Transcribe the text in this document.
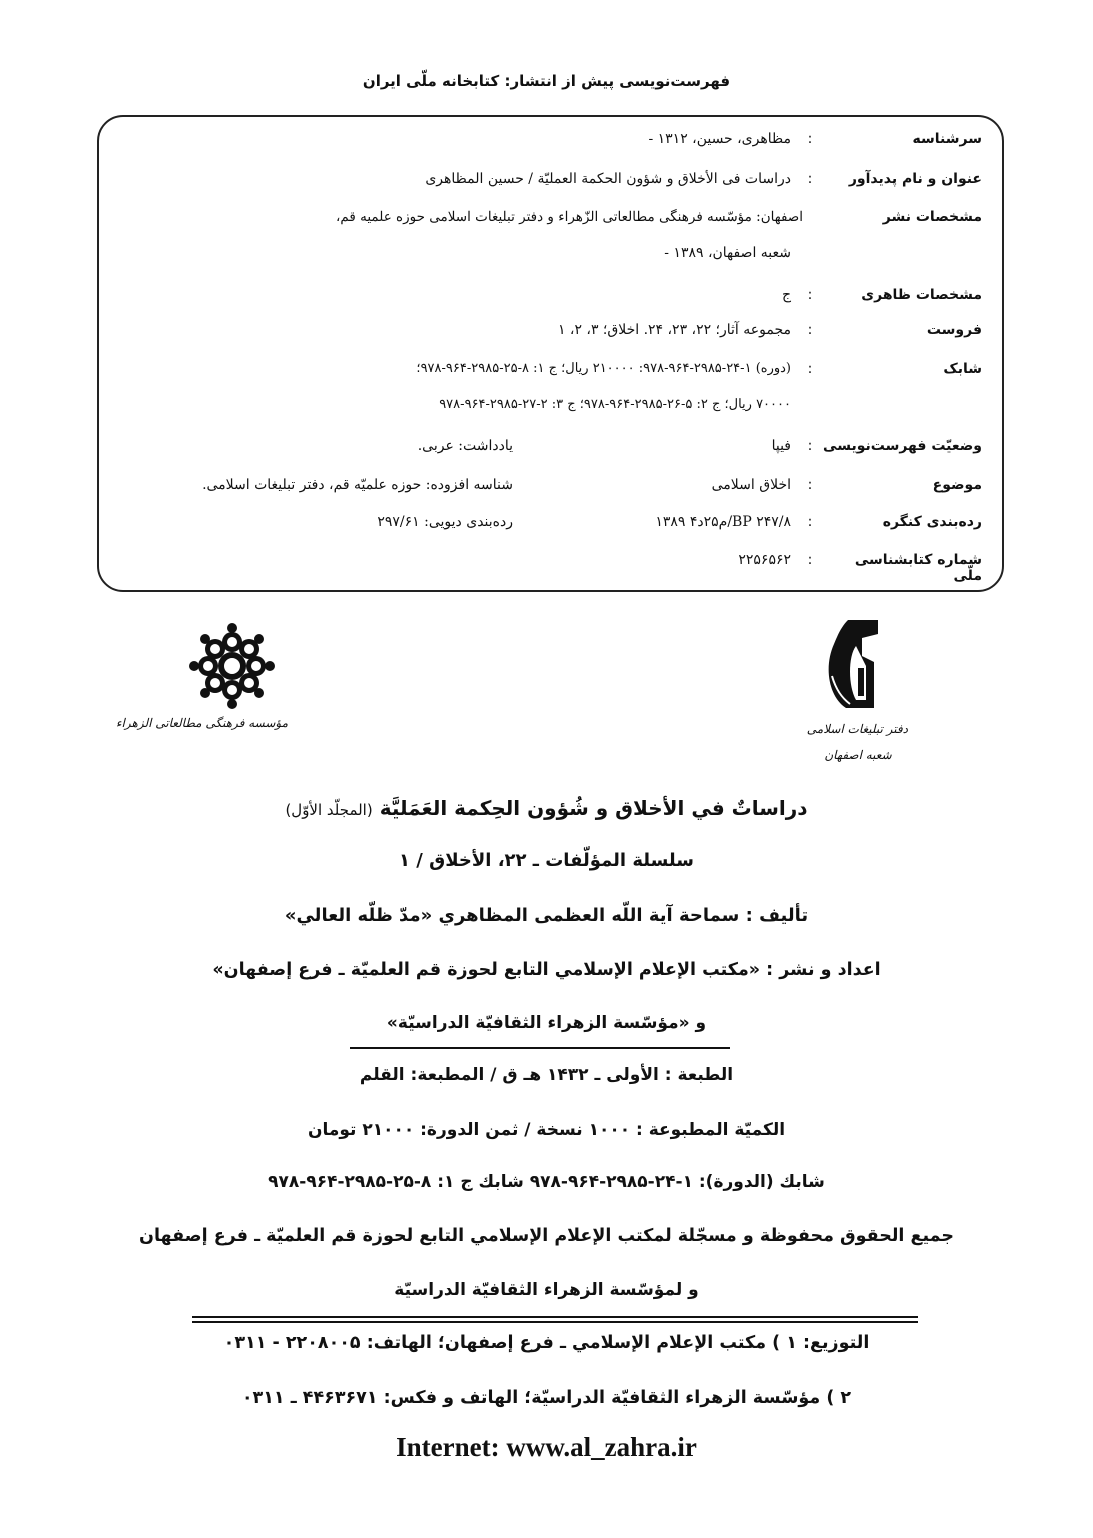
فهرست‌نویسی پیش از انتشار: کتابخانه ملّی ایران
سرشناسه
:
مظاهری، حسین، ۱۳۱۲ -
عنوان و نام پدیدآور
:
دراسات فی الأخلاق و شؤون الحکمة العملیّة / حسین المظاهری
مشخصات نشر
اصفهان: مؤسّسه فرهنگی مطالعاتی الزّهراء و دفتر تبلیغات اسلامی حوزه علمیه قم،
شعبه اصفهان، ۱۳۸۹ -
مشخصات ظاهری
:
ج
فروست
:
مجموعه آثار؛ ۲۲، ۲۳، ۲۴. اخلاق؛ ۳، ۲، ۱
شابک
:
(دوره) ۱-۲۴-۲۹۸۵-۹۶۴-۹۷۸: ۲۱۰۰۰۰ ریال؛ ج ۱: ۸-۲۵-۲۹۸۵-۹۶۴-۹۷۸؛
۷۰۰۰۰ ریال؛ ج ۲: ۵-۲۶-۲۹۸۵-۹۶۴-۹۷۸؛ ج ۳: ۲-۲۷-۲۹۸۵-۹۶۴-۹۷۸
وضعیّت فهرست‌نویسی
:
فیپا
یادداشت: عربی.
موضوع
:
اخلاق اسلامی
شناسه افزوده: حوزه علمیّه قم، دفتر تبلیغات اسلامی.
رده‌بندی کنگره
:
BP ۲۴۷/۸/م۲۵د۴ ۱۳۸۹
رده‌بندی دیویی: ۲۹۷/۶۱
شماره کتابشناسی ملّی
:
۲۲۵۶۵۶۲
مؤسسه فرهنگی مطالعاتی الزهراء	دفتر تبلیغات اسلامی
شعبه اصفهان
دراساتٌ في الأخلاق و شُؤون الحِكمة العَمَليَّة (المجلّد الأوّل)
سلسلة المؤلّفات ـ ۲۲، الأخلاق / ۱
تأليف : سماحة آية اللّه العظمى المظاهري «مدّ ظلّه العالي»
اعداد و نشر : «مكتب الإعلام الإسلامي التابع لحوزة قم العلميّة ـ فرع إصفهان»
و «مؤسّسة الزهراء الثقافيّة الدراسيّة»
الطبعة : الأولى ـ ۱۴۳۲ هـ ق / المطبعة: القلم
الكميّة المطبوعة : ۱۰۰۰ نسخة / ثمن الدورة: ۲۱۰۰۰ تومان
شابك (الدورة): ۱-۲۴-۲۹۸۵-۹۶۴-۹۷۸ شابك ج ۱: ۸-۲۵-۲۹۸۵-۹۶۴-۹۷۸
جميع الحقوق محفوظة و مسجّلة لمكتب الإعلام الإسلامي التابع لحوزة قم العلميّة ـ فرع إصفهان
و لمؤسّسة الزهراء الثقافيّة الدراسيّة
التوزيع: ۱ ) مكتب الإعلام الإسلامي ـ فرع إصفهان؛ الهاتف: ۲۲۰۸۰۰۵ - ۰۳۱۱
۲ ) مؤسّسة الزهراء الثقافيّة الدراسيّة؛ الهاتف و فكس: ۴۴۶۳۶۷۱ ـ ۰۳۱۱
Internet: www.al_zahra.ir
